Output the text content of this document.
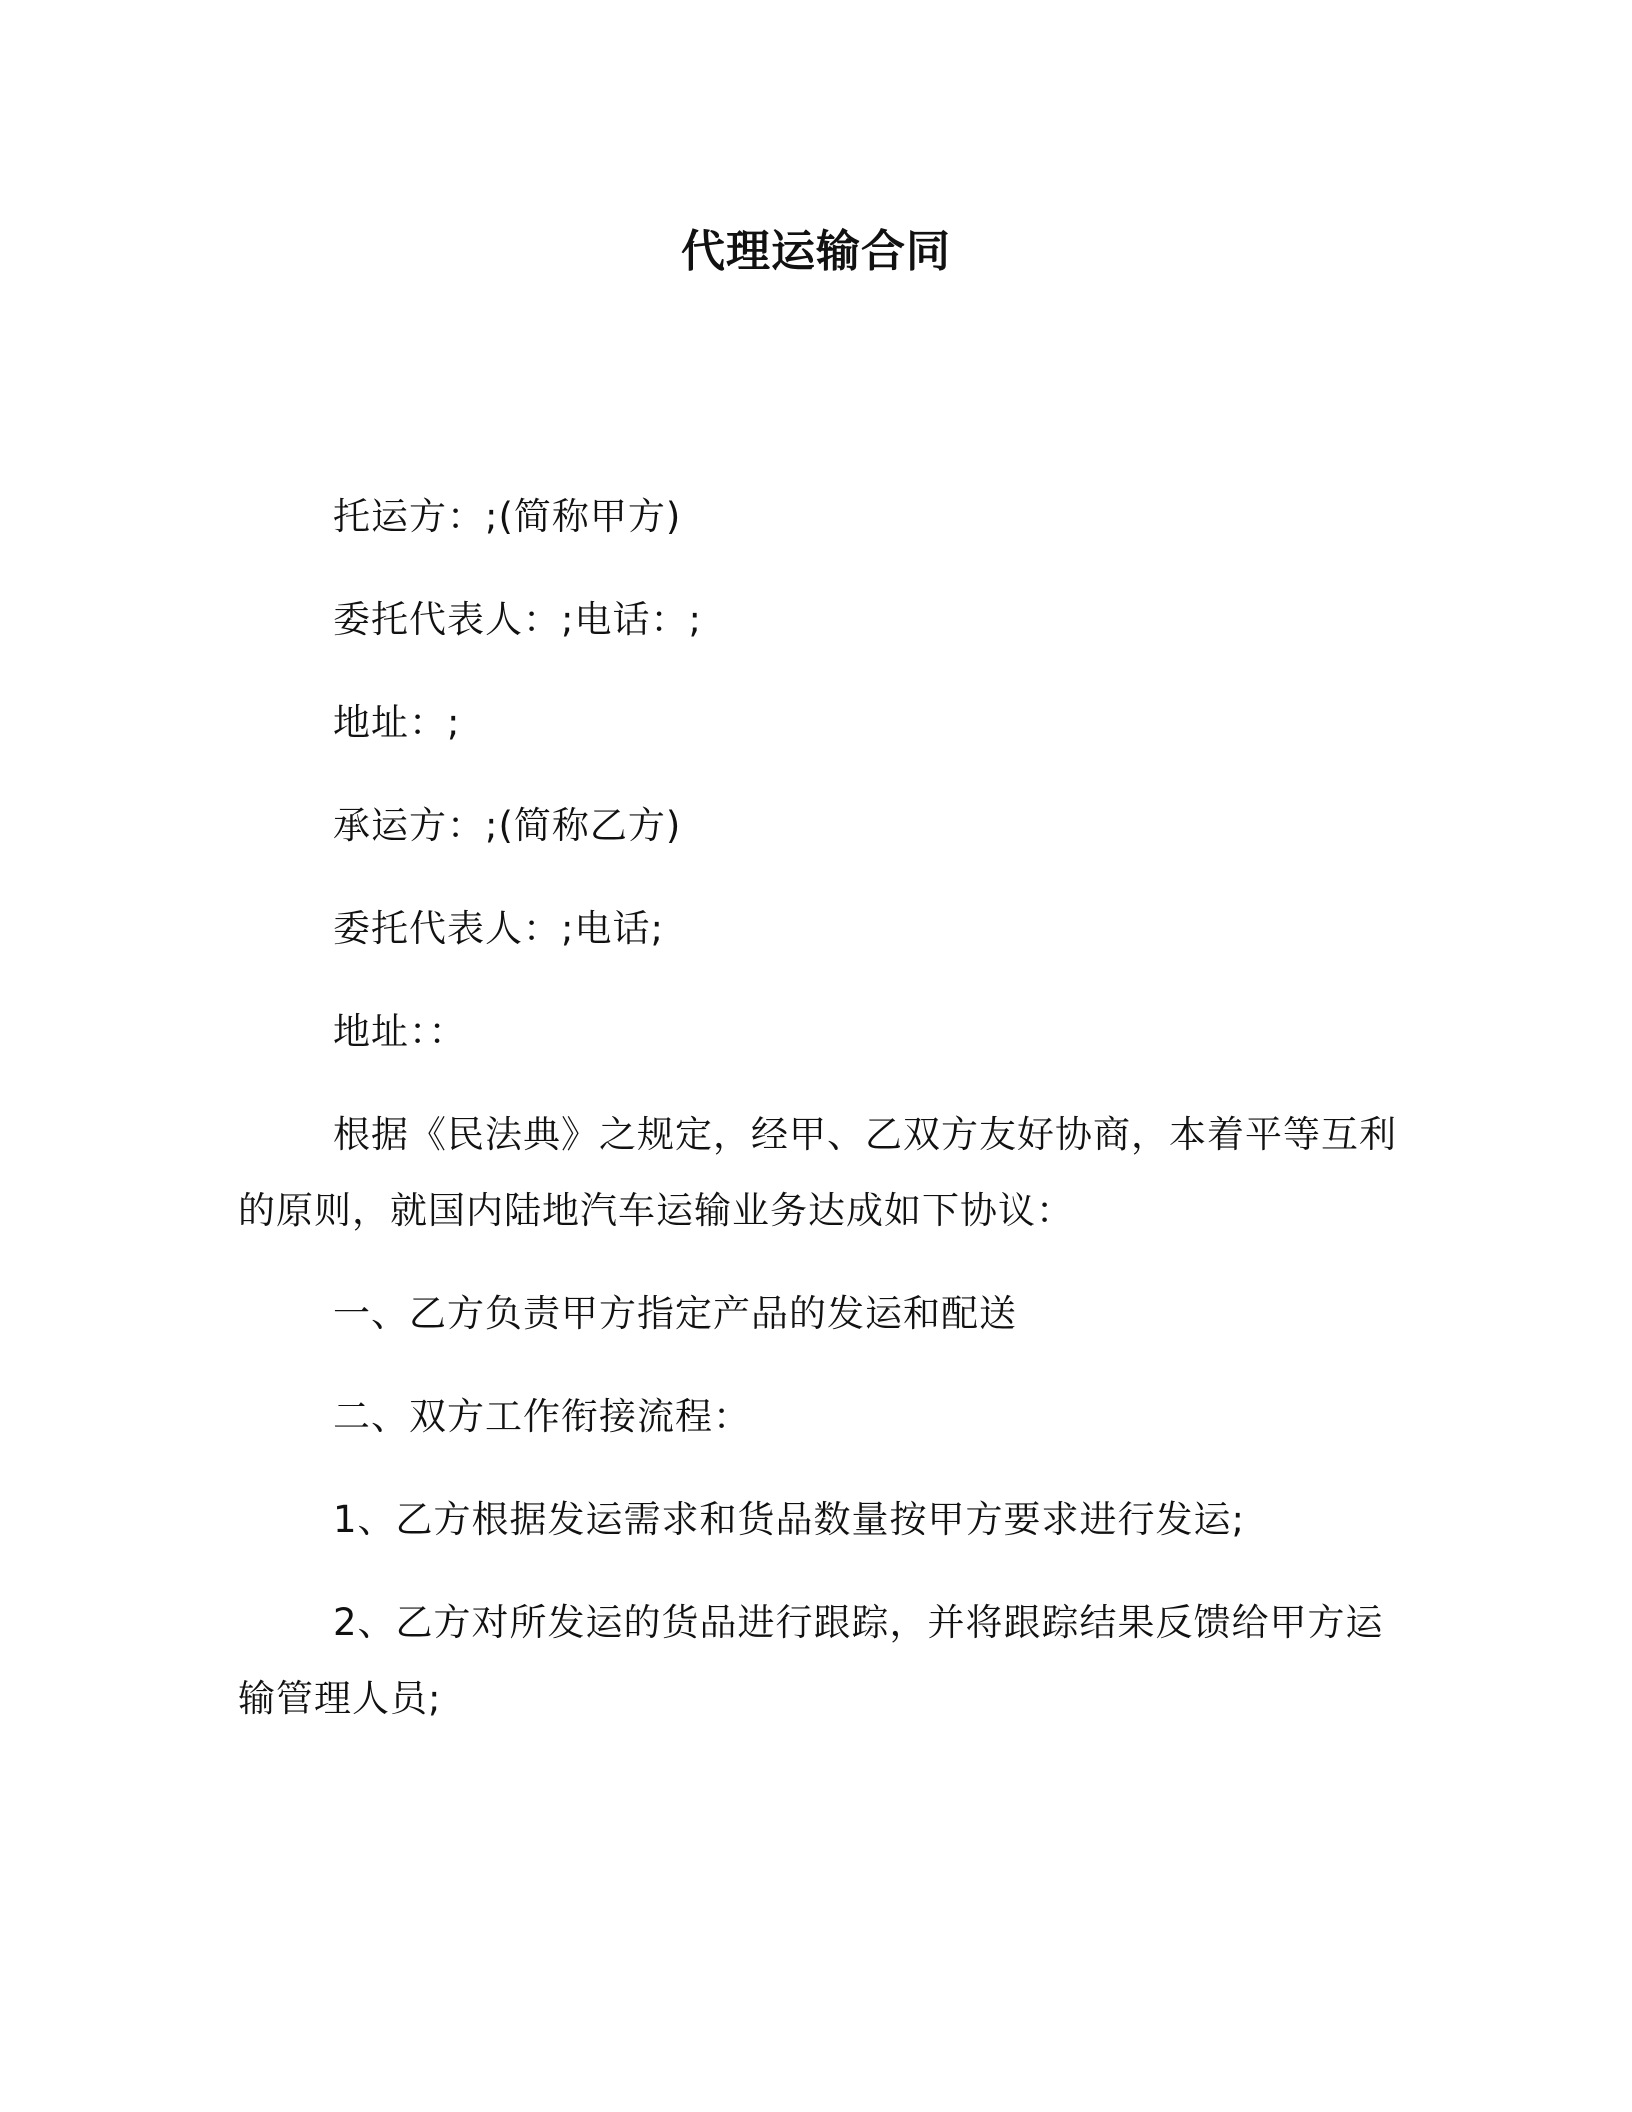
代理运输合同
托运方：;(简称甲方)
委托代表人：;电话：;
地址：;
承运方：;(简称乙方)
委托代表人：;电话;
地址：：
根据《民法典》之规定，经甲、乙双方友好协商，本着平等互利
的原则，就国内陆地汽车运输业务达成如下协议：
一、乙方负责甲方指定产品的发运和配送
二、双方工作衔接流程：
1、乙方根据发运需求和货品数量按甲方要求进行发运;
2、乙方对所发运的货品进行跟踪，并将跟踪结果反馈给甲方运
输管理人员;
